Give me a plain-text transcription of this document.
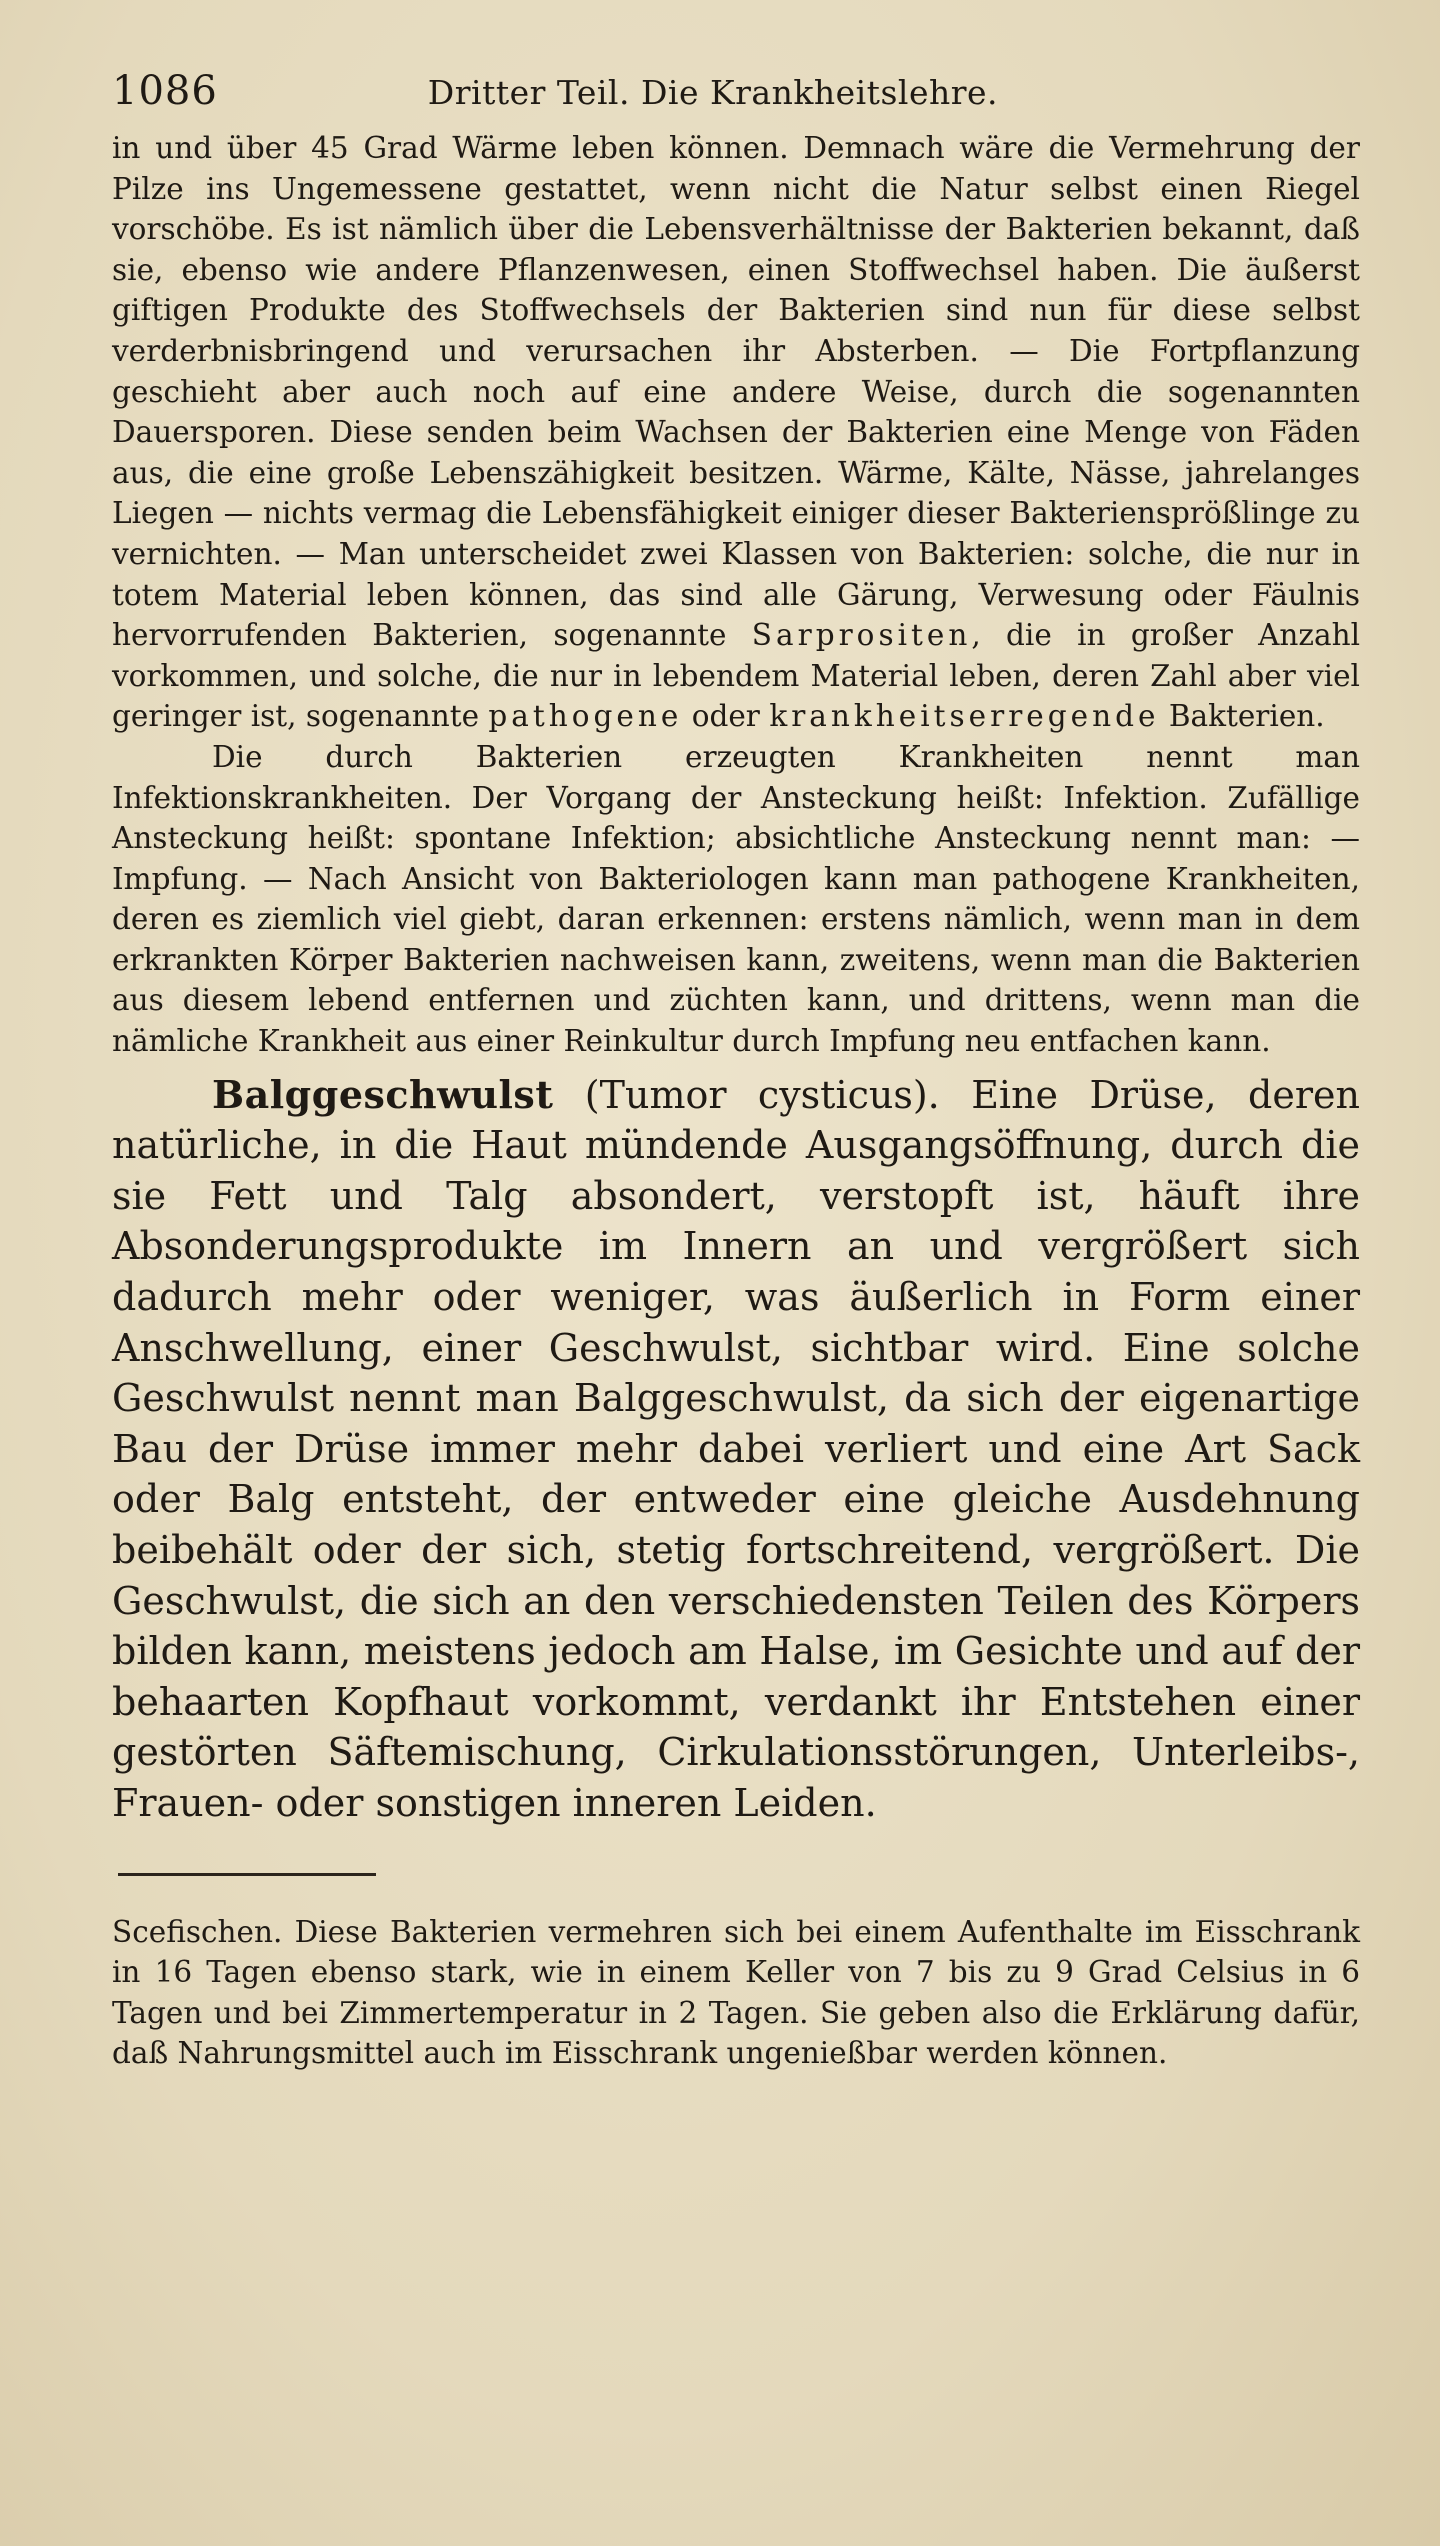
1086	Dritter Teil. Die Krankheitslehre.

in und über 45 Grad Wärme leben können. Demnach wäre die Vermehrung der Pilze ins Ungemessene gestattet, wenn nicht die Natur selbst einen Riegel vorschöbe. Es ist nämlich über die Lebensverhältnisse der Bakterien bekannt, daß sie, ebenso wie andere Pflanzenwesen, einen Stoffwechsel haben. Die äußerst giftigen Produkte des Stoffwechsels der Bakterien sind nun für diese selbst verderbnisbringend und verursachen ihr Absterben. — Die Fortpflanzung geschieht aber auch noch auf eine andere Weise, durch die sogenannten Dauersporen. Diese senden beim Wachsen der Bakterien eine Menge von Fäden aus, die eine große Lebenszähigkeit besitzen. Wärme, Kälte, Nässe, jahrelanges Liegen — nichts vermag die Lebensfähigkeit einiger dieser Bakteriensprößlinge zu vernichten. — Man unterscheidet zwei Klassen von Bakterien: solche, die nur in totem Material leben können, das sind alle Gärung, Verwesung oder Fäulnis hervorrufenden Bakterien, sogenannte Sarprositen, die in großer Anzahl vorkommen, und solche, die nur in lebendem Material leben, deren Zahl aber viel geringer ist, sogenannte pathogene oder krankheitserregende Bakterien.

Die durch Bakterien erzeugten Krankheiten nennt man Infektionskrankheiten. Der Vorgang der Ansteckung heißt: Infektion. Zufällige Ansteckung heißt: spontane Infektion; absichtliche Ansteckung nennt man: — Impfung. — Nach Ansicht von Bakteriologen kann man pathogene Krankheiten, deren es ziemlich viel giebt, daran erkennen: erstens nämlich, wenn man in dem erkrankten Körper Bakterien nachweisen kann, zweitens, wenn man die Bakterien aus diesem lebend entfernen und züchten kann, und drittens, wenn man die nämliche Krankheit aus einer Reinkultur durch Impfung neu entfachen kann.

Balggeschwulst (Tumor cysticus). Eine Drüse, deren natürliche, in die Haut mündende Ausgangsöffnung, durch die sie Fett und Talg absondert, verstopft ist, häuft ihre Absonderungsprodukte im Innern an und vergrößert sich dadurch mehr oder weniger, was äußerlich in Form einer Anschwellung, einer Geschwulst, sichtbar wird. Eine solche Geschwulst nennt man Balggeschwulst, da sich der eigenartige Bau der Drüse immer mehr dabei verliert und eine Art Sack oder Balg entsteht, der entweder eine gleiche Ausdehnung beibehält oder der sich, stetig fortschreitend, vergrößert. Die Geschwulst, die sich an den verschiedensten Teilen des Körpers bilden kann, meistens jedoch am Halse, im Gesichte und auf der behaarten Kopfhaut vorkommt, verdankt ihr Entstehen einer gestörten Säftemischung, Cirkulationsstörungen, Unterleibs-, Frauen- oder sonstigen inneren Leiden.

Scefischen. Diese Bakterien vermehren sich bei einem Aufenthalte im Eisschrank in 16 Tagen ebenso stark, wie in einem Keller von 7 bis zu 9 Grad Celsius in 6 Tagen und bei Zimmertemperatur in 2 Tagen. Sie geben also die Erklärung dafür, daß Nahrungsmittel auch im Eisschrank ungenießbar werden können.
